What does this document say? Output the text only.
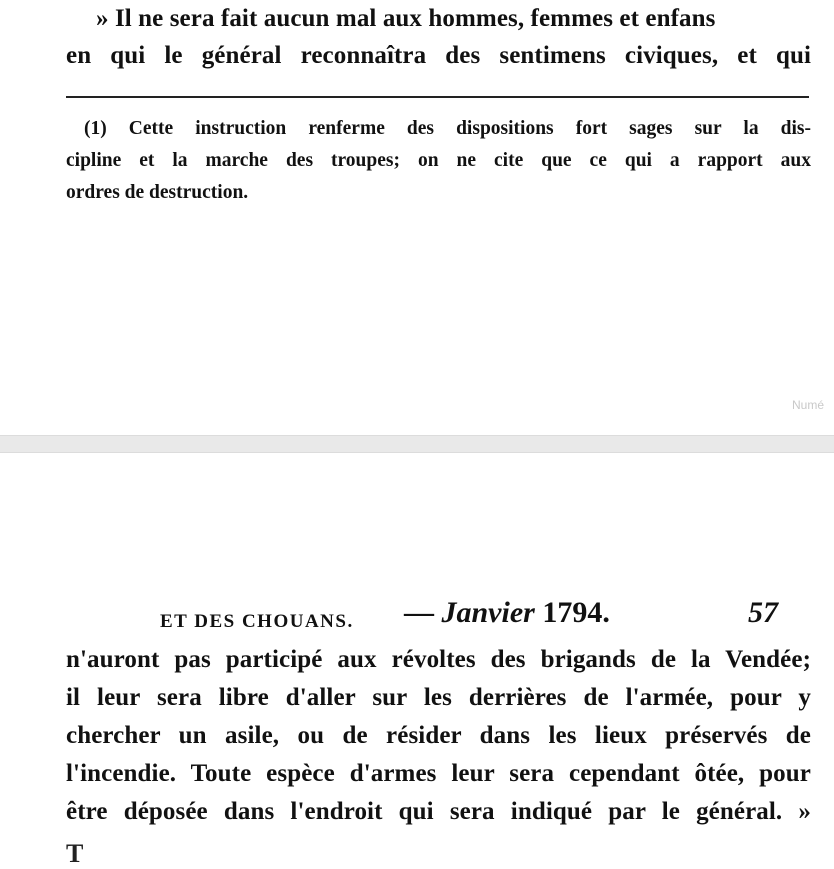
» Il ne sera fait aucun mal aux hommes, femmes et enfans
en qui le général reconnaîtra des sentimens civiques, et qui
(1) Cette instruction renferme des dispositions fort sages sur la dis-
cipline et la marche des troupes; on ne cite que ce qui a rapport aux
ordres de destruction.
Numé
ET DES CHOUANS. — Janvier 1794.	57
n'auront pas participé aux révoltes des brigands de la Vendée;
il leur sera libre d'aller sur les derrières de l'armée, pour y
chercher un asile, ou de résider dans les lieux préservés de
l'incendie. Toute espèce d'armes leur sera cependant ôtée, pour
être déposée dans l'endroit qui sera indiqué par le général. »
T
